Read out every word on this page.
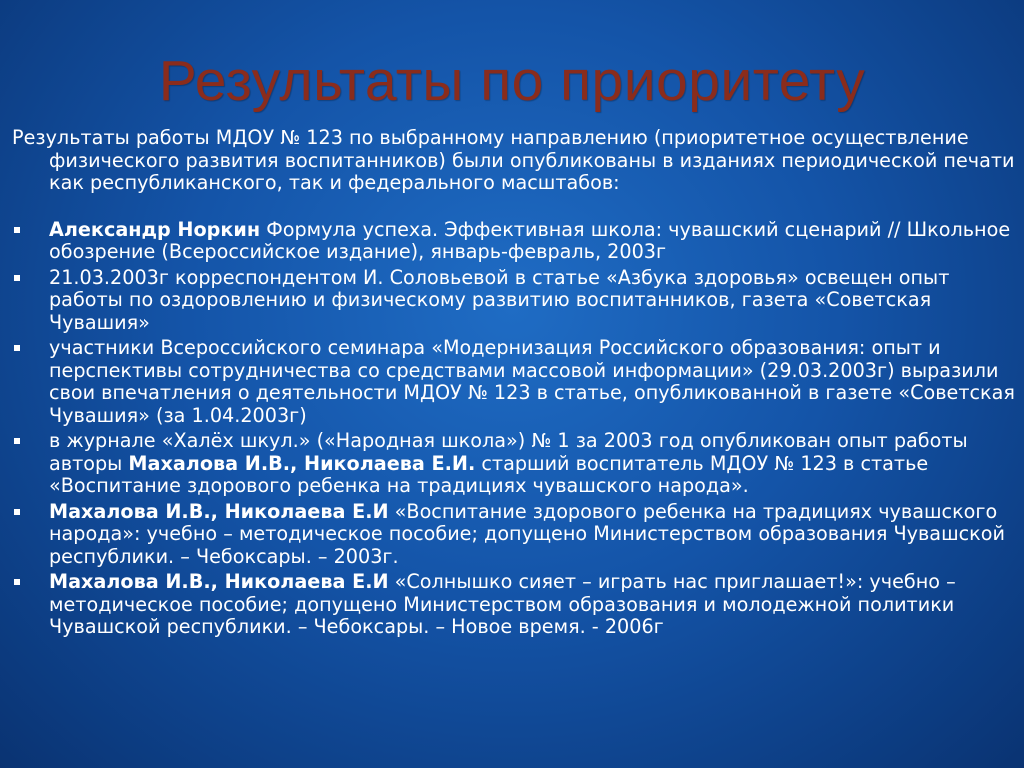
Результаты по приоритету

Результаты работы МДОУ № 123 по выбранному направлению (приоритетное осуществление физического развития воспитанников) были опубликованы в изданиях периодической печати как республиканского, так и федерального масштабов:

Александр Норкин Формула успеха. Эффективная школа: чувашский сценарий // Школьное обозрение (Всероссийское издание), январь-февраль, 2003г
21.03.2003г корреспондентом И. Соловьевой в статье «Азбука здоровья» освещен опыт работы по оздоровлению и физическому развитию воспитанников, газета «Советская Чувашия»
участники Всероссийского семинара «Модернизация Российского образования: опыт и перспективы сотрудничества со средствами массовой информации» (29.03.2003г) выразили свои впечатления о деятельности МДОУ № 123 в статье, опубликованной в газете «Советская Чувашия» (за 1.04.2003г)
в журнале «Халёх шкул.» («Народная школа») № 1 за 2003 год опубликован опыт работы авторы Махалова И.В., Николаева Е.И. старший воспитатель МДОУ № 123 в статье «Воспитание здорового ребенка на традициях чувашского народа».
Махалова И.В., Николаева Е.И «Воспитание здорового ребенка на традициях чувашского народа»: учебно – методическое пособие; допущено Министерством образования Чувашской республики. – Чебоксары. – 2003г.
Махалова И.В., Николаева Е.И «Солнышко сияет – играть нас приглашает!»: учебно – методическое пособие; допущено Министерством образования и молодежной политики Чувашской республики. – Чебоксары. – Новое время. - 2006г
